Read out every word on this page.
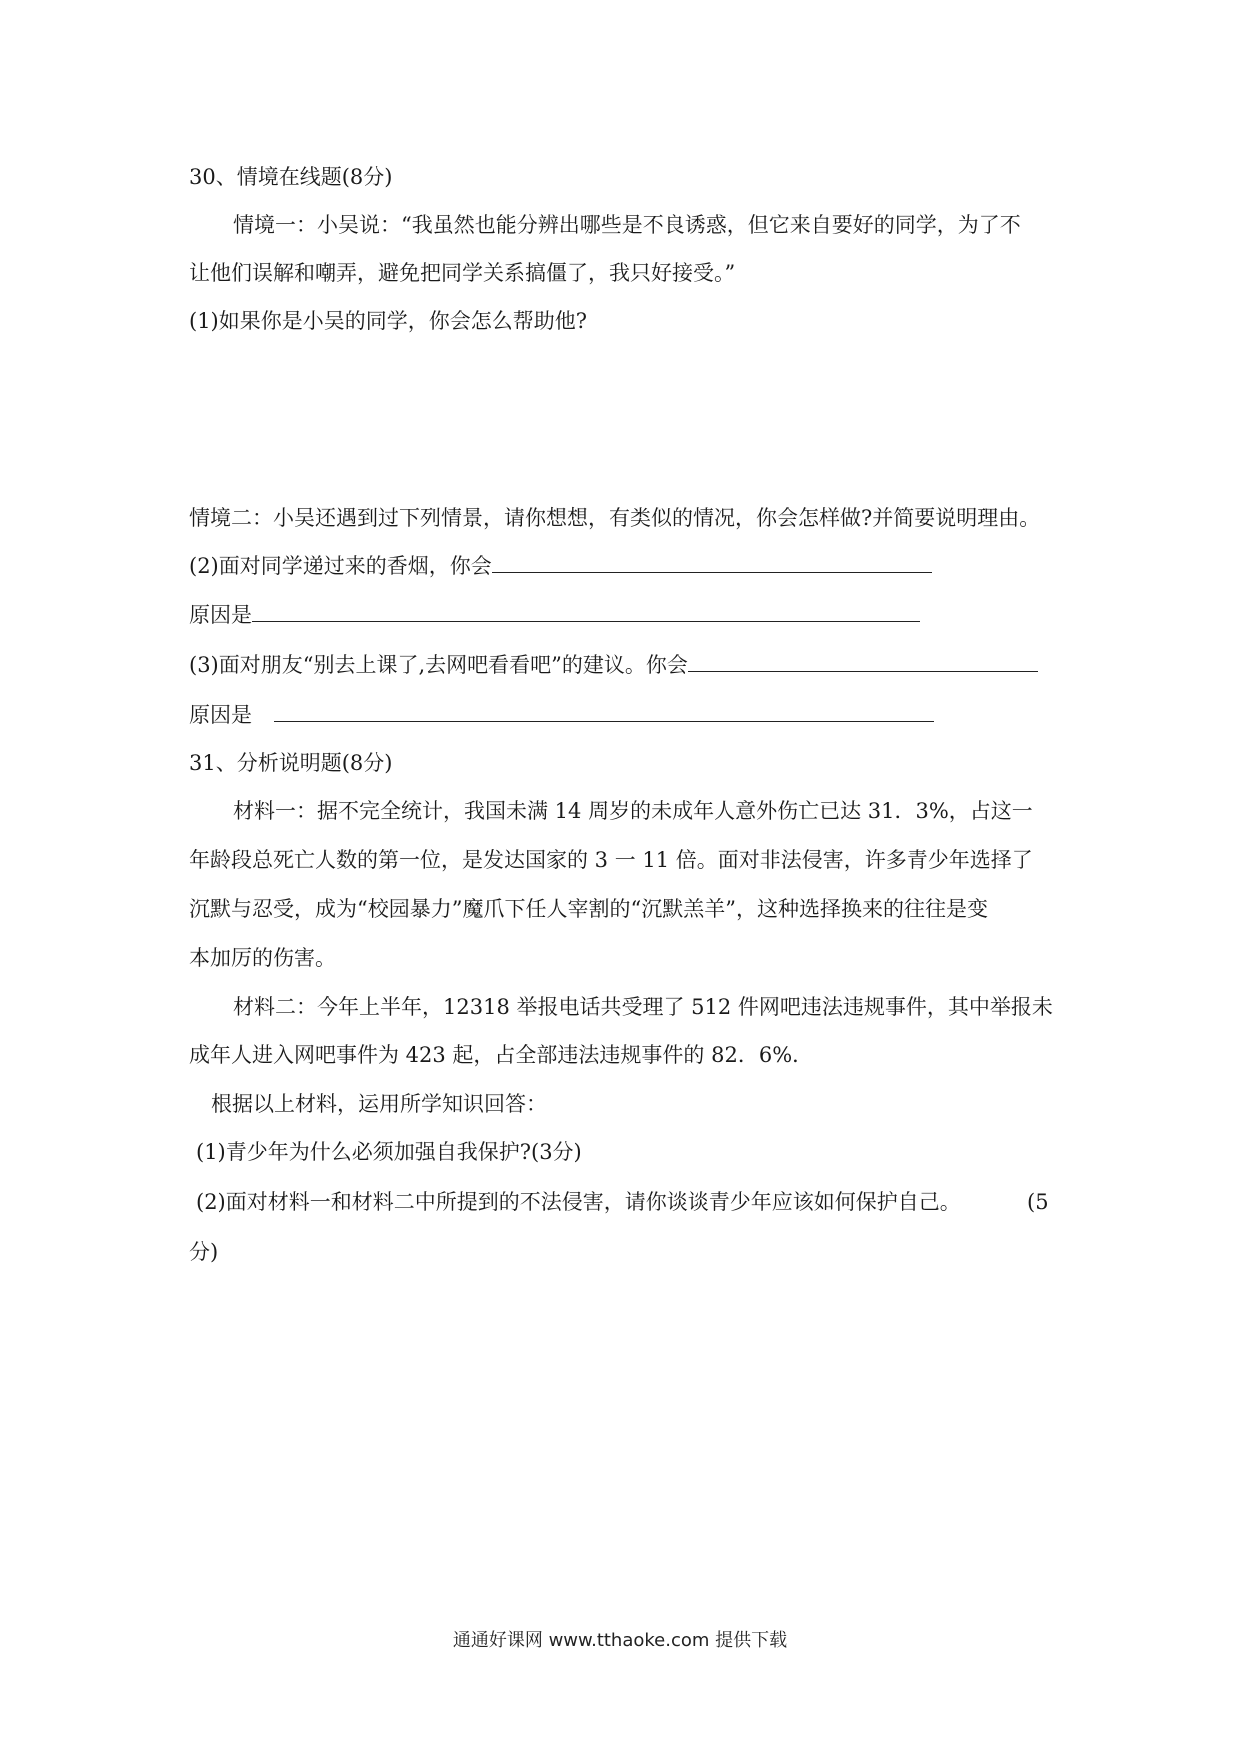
30、情境在线题(8分)
情境一：小吴说：“我虽然也能分辨出哪些是不良诱惑，但它来自要好的同学，为了不
让他们误解和嘲弄，避免把同学关系搞僵了，我只好接受。”
(1)如果你是小吴的同学，你会怎么帮助他?
情境二：小吴还遇到过下列情景，请你想想，有类似的情况，你会怎样做?并简要说明理由。
(2)面对同学递过来的香烟，你会
原因是
(3)面对朋友“别去上课了,去网吧看看吧”的建议。你会
原因是
31、分析说明题(8分)
材料一：据不完全统计，我国未满 14 周岁的未成年人意外伤亡已达 31．3%，占这一
年龄段总死亡人数的第一位，是发达国家的 3 一 11 倍。面对非法侵害，许多青少年选择了
沉默与忍受，成为“校园暴力”魔爪下任人宰割的“沉默羔羊”，这种选择换来的往往是变
本加厉的伤害。
材料二：今年上半年，12318 举报电话共受理了 512 件网吧违法违规事件，其中举报未
成年人进入网吧事件为 423 起，占全部违法违规事件的 82．6%．
根据以上材料，运用所学知识回答：
(1)青少年为什么必须加强自我保护?(3分)
(2)面对材料一和材料二中所提到的不法侵害，请你谈谈青少年应该如何保护自己。	(5
分)
通通好课网 www.tthaoke.com 提供下载
